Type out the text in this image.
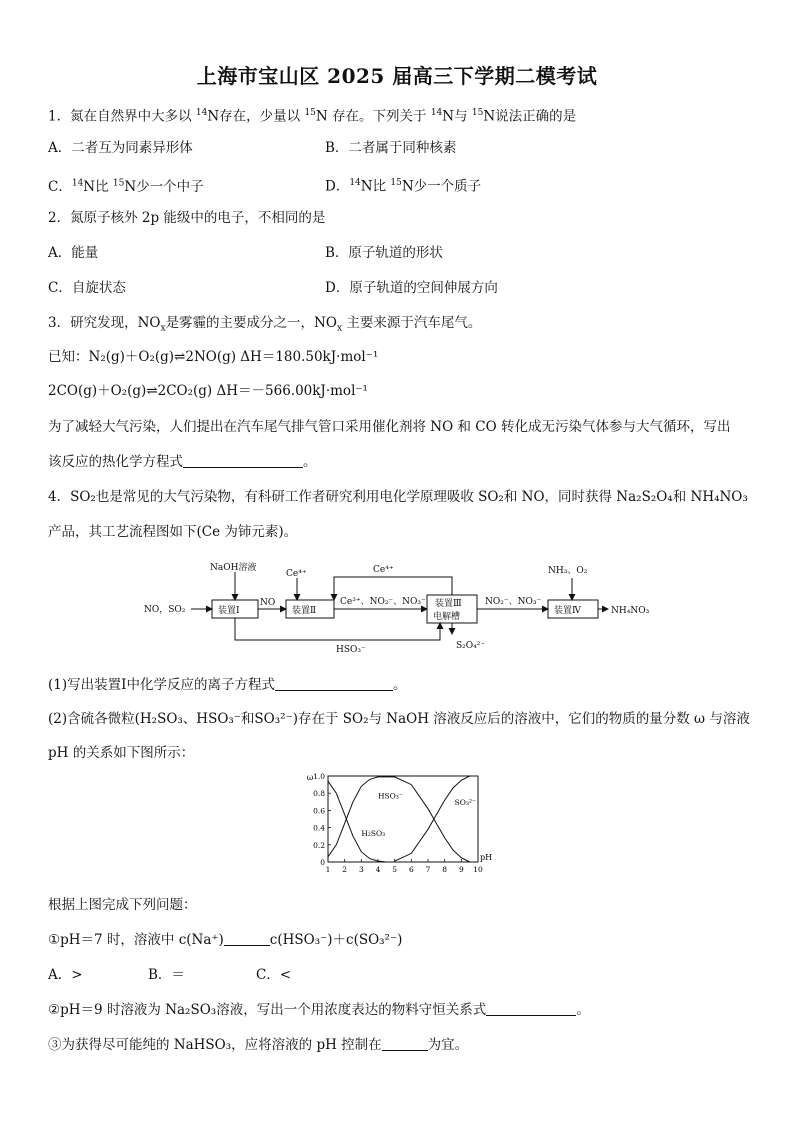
上海市宝山区 2025 届高三下学期二模考试
1．氮在自然界中大多以 $^{14}$N存在，少量以 $^{15}$N 存在。下列关于 $^{14}$N与 $^{15}$N说法正确的是
A．二者互为同素异形体	B．二者属于同种核素
C．$^{14}$N比 $^{15}$N少一个中子	D．$^{14}$N比 $^{15}$N少一个质子
2．氮原子核外 2p 能级中的电子，不相同的是
A．能量	B．原子轨道的形状
C．自旋状态	D．原子轨道的空间伸展方向
3．研究发现，$NO_x$是雾霾的主要成分之一，$NO_x$ 主要来源于汽车尾气。
已知：N₂(g)＋O₂(g)⇌2NO(g) ΔH＝180.50kJ·mol⁻¹
2CO(g)＋O₂(g)⇌2CO₂(g) ΔH＝－566.00kJ·mol⁻¹
为了减轻大气污染，人们提出在汽车尾气排气管口采用催化剂将 NO 和 CO 转化成无污染气体参与大气循环，写出
该反应的热化学方程式	。
4．SO₂也是常见的大气污染物，有科研工作者研究利用电化学原理吸收 SO₂和 NO，同时获得 Na₂S₂O₄和 NH₄NO₃
产品，其工艺流程图如下(Ce 为铈元素)。
NaOH溶液
Ce⁴⁺	Ce⁴⁺
NO，SO₂	装置Ⅰ
NO
装置Ⅱ
Ce³⁺、NO₂⁻、NO₃⁻ 装置Ⅲ
电解槽
NO₂⁻、NO₃⁻
NH₃、O₂
装置Ⅳ	NH₄NO₃
HSO₃⁻	S₂O₄²⁻
(1)写出装置Ⅰ中化学反应的离子方程式	。
(2)含硫各微粒(H₂SO₃、HSO₃⁻和SO₃²⁻)存在于 SO₂与 NaOH 溶液反应后的溶液中，它们的物质的量分数 ω 与溶液
pH 的关系如下图所示：
0
0.2
0.4
0.6
0.8
1.0
1 2 3 4 5 6 7 8 9 10
ω
pH
H₂SO₃
HSO₃⁻
SO₃²⁻
根据上图完成下列问题：
①pH＝7 时，溶液中 c(Na⁺)	c(HSO₃⁻)＋c(SO₃²⁻)
A．>	B．＝	C．<
②pH＝9 时溶液为 Na₂SO₃溶液，写出一个用浓度表达的物料守恒关系式	。
③为获得尽可能纯的 NaHSO₃，应将溶液的 pH 控制在	为宜。
